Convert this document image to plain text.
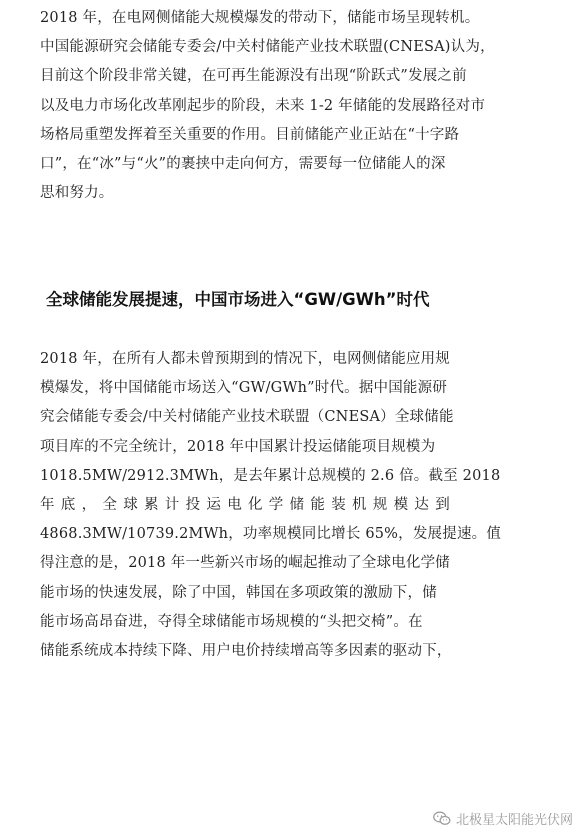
2018 年，在电网侧储能大规模爆发的带动下，储能市场呈现转机。
中国能源研究会储能专委会/中关村储能产业技术联盟(CNESA)认为，
目前这个阶段非常关键，在可再生能源没有出现“阶跃式”发展之前
以及电力市场化改革刚起步的阶段，未来 1-2 年储能的发展路径对市
场格局重塑发挥着至关重要的作用。目前储能产业正站在“十字路
口”，在“冰”与“火”的裹挟中走向何方，需要每一位储能人的深
思和努力。

全球储能发展提速，中国市场进入“GW/GWh”时代

2018 年，在所有人都未曾预期到的情况下，电网侧储能应用规
模爆发，将中国储能市场送入“GW/GWh”时代。据中国能源研
究会储能专委会/中关村储能产业技术联盟（CNESA）全球储能
项目库的不完全统计，2018 年中国累计投运储能项目规模为
1018.5MW/2912.3MWh，是去年累计总规模的 2.6 倍。截至 2018
年底，全球累计投运电化学储能装机规模达到
4868.3MW/10739.2MWh，功率规模同比增长 65%，发展提速。值
得注意的是，2018 年一些新兴市场的崛起推动了全球电化学储
能市场的快速发展，除了中国，韩国在多项政策的激励下，储
能市场高昂奋进，夺得全球储能市场规模的“头把交椅”。在
储能系统成本持续下降、用户电价持续增高等多因素的驱动下，

北极星太阳能光伏网
